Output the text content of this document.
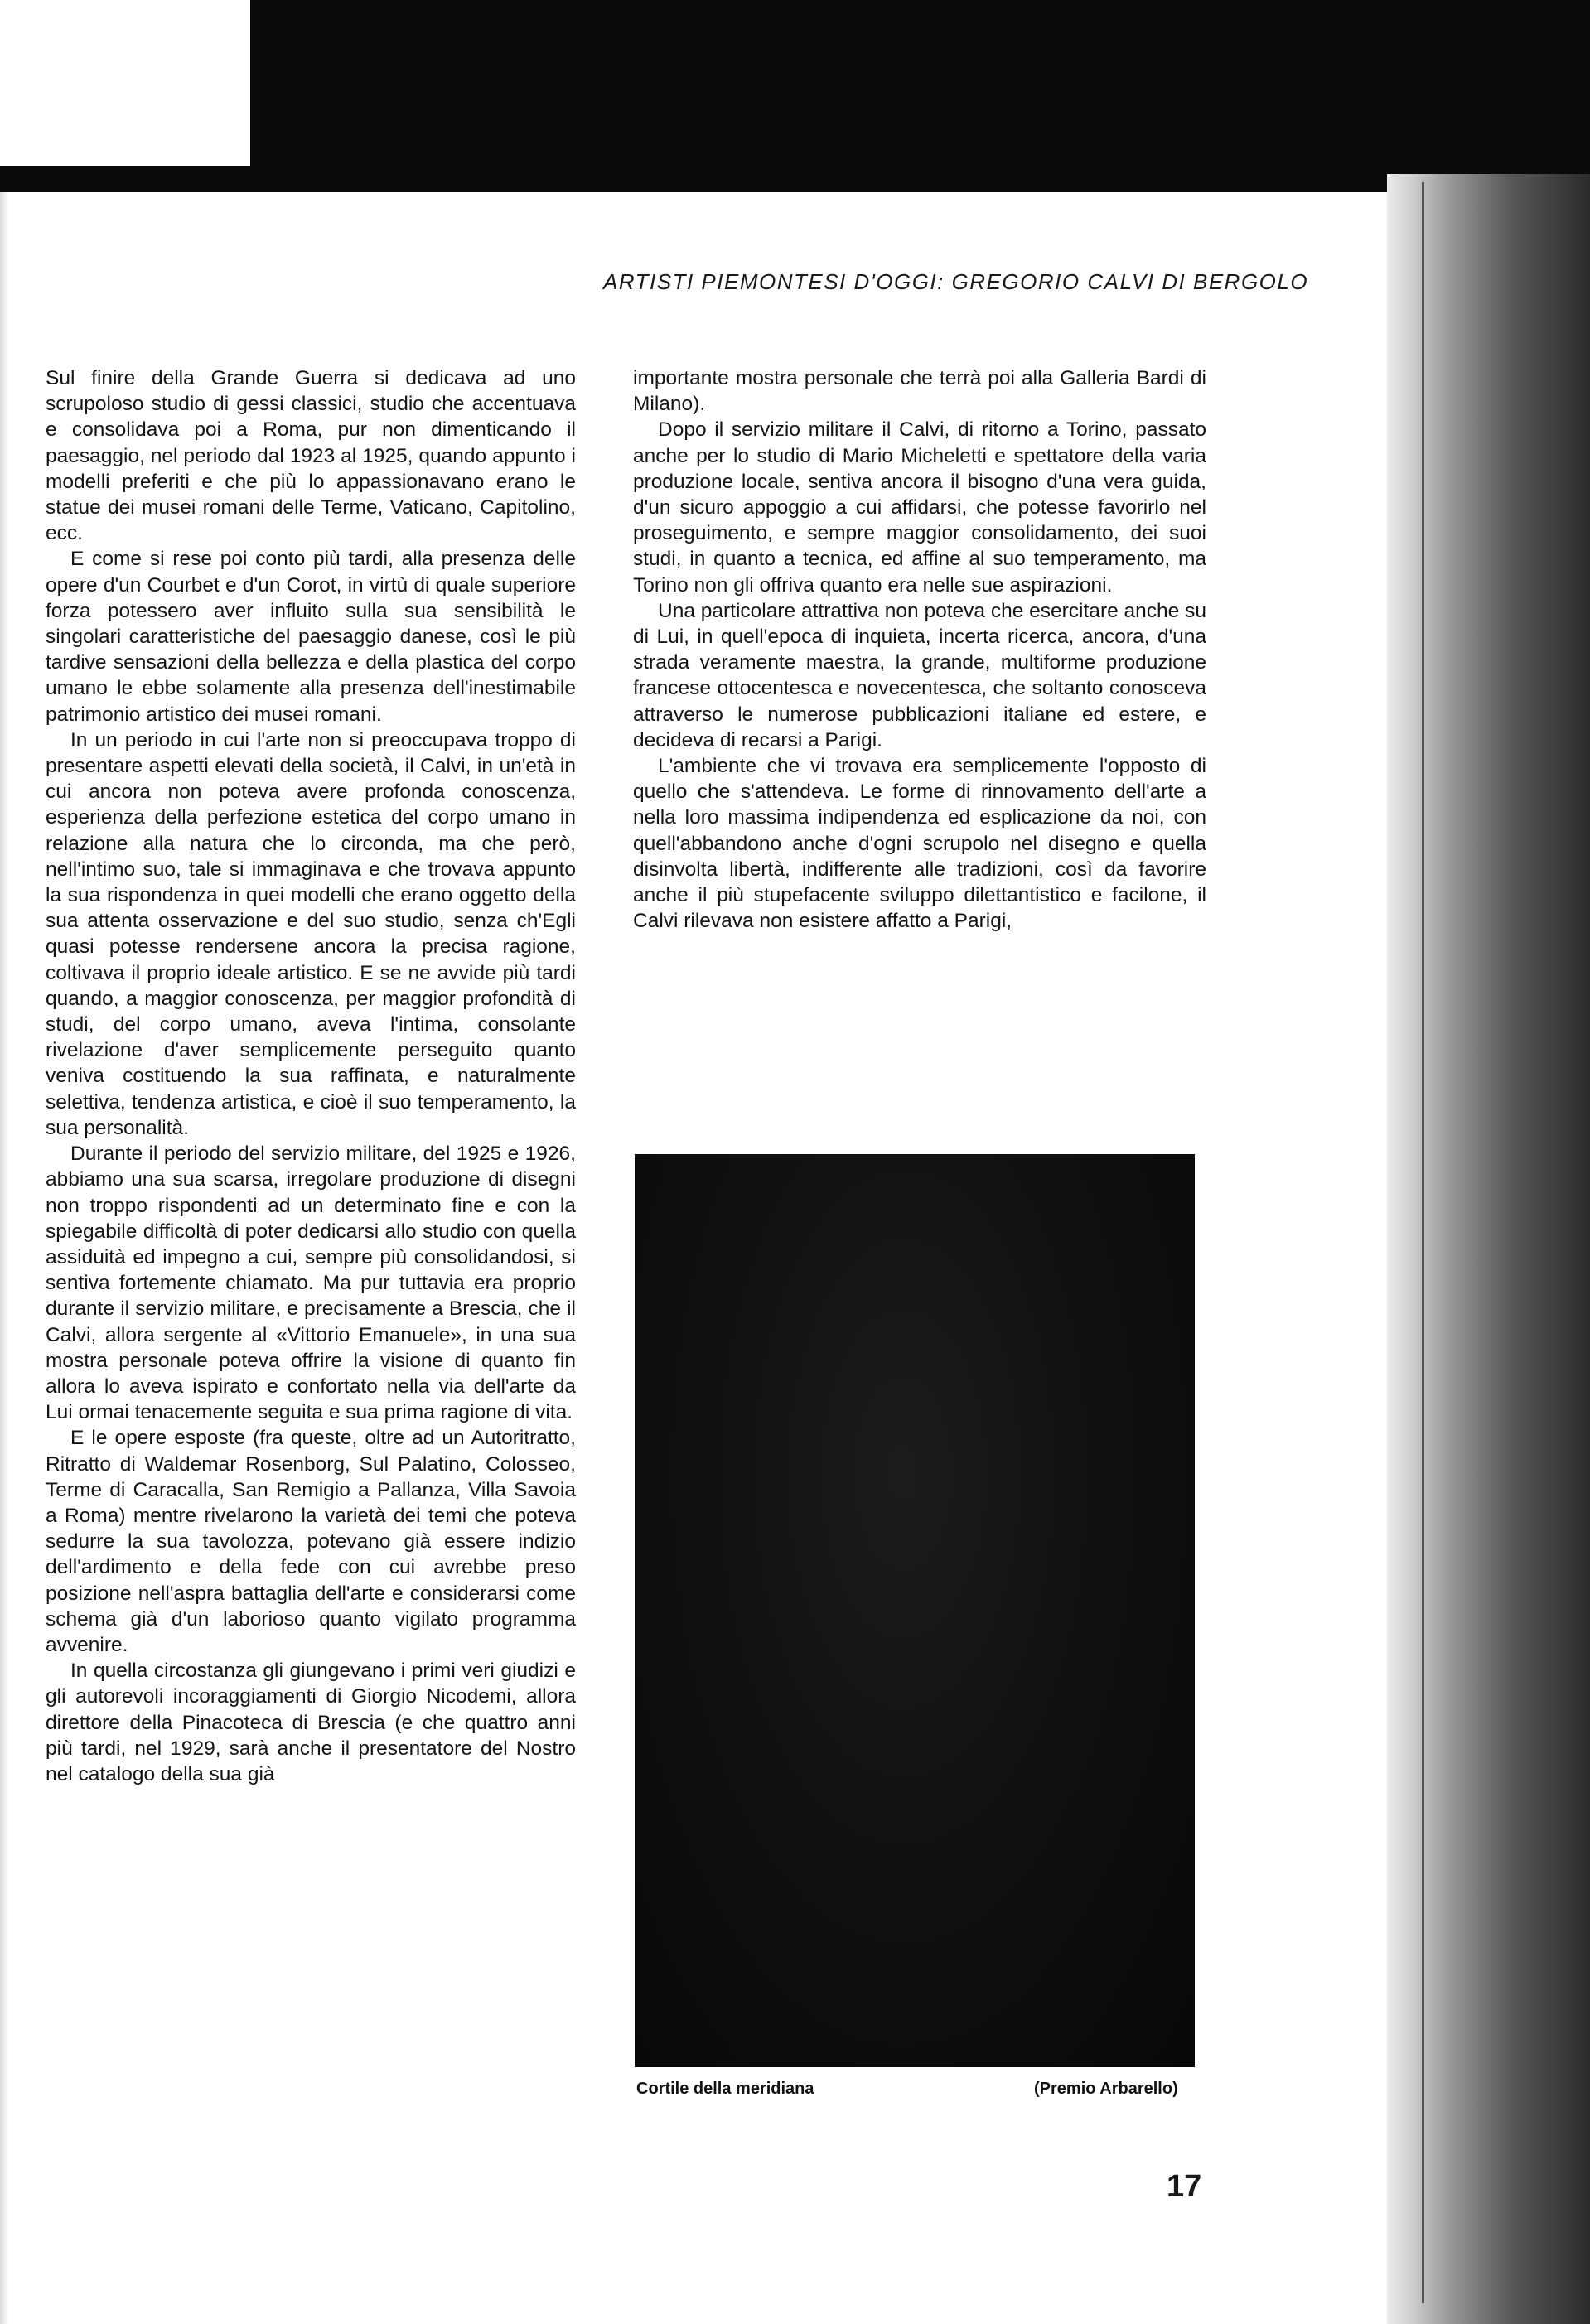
ARTISTI PIEMONTESI D'OGGI: GREGORIO CALVI DI BERGOLO

Sul finire della Grande Guerra si dedicava ad uno scrupoloso studio di gessi classici, studio che accentuava e consolidava poi a Roma, pur non dimenticando il paesaggio, nel periodo dal 1923 al 1925, quando appunto i modelli preferiti e che più lo appassionavano erano le statue dei musei romani delle Terme, Vaticano, Capitolino, ecc.

E come si rese poi conto più tardi, alla presenza delle opere d'un Courbet e d'un Corot, in virtù di quale superiore forza potessero aver influito sulla sua sensibilità le singolari caratteristiche del paesaggio danese, così le più tardive sensazioni della bellezza e della plastica del corpo umano le ebbe solamente alla presenza dell'inestimabile patrimonio artistico dei musei romani.

In un periodo in cui l'arte non si preoccupava troppo di presentare aspetti elevati della società, il Calvi, in un'età in cui ancora non poteva avere profonda conoscenza, esperienza della perfezione estetica del corpo umano in relazione alla natura che lo circonda, ma che però, nell'intimo suo, tale si immaginava e che trovava appunto la sua rispondenza in quei modelli che erano oggetto della sua attenta osservazione e del suo studio, senza ch'Egli quasi potesse rendersene ancora la precisa ragione, coltivava il proprio ideale artistico. E se ne avvide più tardi quando, a maggior conoscenza, per maggior profondità di studi, del corpo umano, aveva l'intima, consolante rivelazione d'aver semplicemente perseguito quanto veniva costituendo la sua raffinata, e naturalmente selettiva, tendenza artistica, e cioè il suo temperamento, la sua personalità.

Durante il periodo del servizio militare, del 1925 e 1926, abbiamo una sua scarsa, irregolare produzione di disegni non troppo rispondenti ad un determinato fine e con la spiegabile difficoltà di poter dedicarsi allo studio con quella assiduità ed impegno a cui, sempre più consolidandosi, si sentiva fortemente chiamato. Ma pur tuttavia era proprio durante il servizio militare, e precisamente a Brescia, che il Calvi, allora sergente al «Vittorio Emanuele», in una sua mostra personale poteva offrire la visione di quanto fin allora lo aveva ispirato e confortato nella via dell'arte da Lui ormai tenacemente seguita e sua prima ragione di vita.

E le opere esposte (fra queste, oltre ad un Autoritratto, Ritratto di Waldemar Rosenborg, Sul Palatino, Colosseo, Terme di Caracalla, San Remigio a Pallanza, Villa Savoia a Roma) mentre rivelarono la varietà dei temi che poteva sedurre la sua tavolozza, potevano già essere indizio dell'ardimento e della fede con cui avrebbe preso posizione nell'aspra battaglia dell'arte e considerarsi come schema già d'un laborioso quanto vigilato programma avvenire.

In quella circostanza gli giungevano i primi veri giudizi e gli autorevoli incoraggiamenti di Giorgio Nicodemi, allora direttore della Pinacoteca di Brescia (e che quattro anni più tardi, nel 1929, sarà anche il presentatore del Nostro nel catalogo della sua già

importante mostra personale che terrà poi alla Galleria Bardi di Milano).

Dopo il servizio militare il Calvi, di ritorno a Torino, passato anche per lo studio di Mario Micheletti e spettatore della varia produzione locale, sentiva ancora il bisogno d'una vera guida, d'un sicuro appoggio a cui affidarsi, che potesse favorirlo nel proseguimento, e sempre maggior consolidamento, dei suoi studi, in quanto a tecnica, ed affine al suo temperamento, ma Torino non gli offriva quanto era nelle sue aspirazioni.

Una particolare attrattiva non poteva che esercitare anche su di Lui, in quell'epoca di inquieta, incerta ricerca, ancora, d'una strada veramente maestra, la grande, multiforme produzione francese ottocentesca e novecentesca, che soltanto conosceva attraverso le numerose pubblicazioni italiane ed estere, e decideva di recarsi a Parigi.

L'ambiente che vi trovava era semplicemente l'opposto di quello che s'attendeva. Le forme di rinnovamento dell'arte a nella loro massima indipendenza ed esplicazione da noi, con quell'abbandono anche d'ogni scrupolo nel disegno e quella disinvolta libertà, indifferente alle tradizioni, così da favorire anche il più stupefacente sviluppo dilettantistico e facilone, il Calvi rilevava non esistere affatto a Parigi,

Cortile della meridiana	(Premio Arbarello)
17
